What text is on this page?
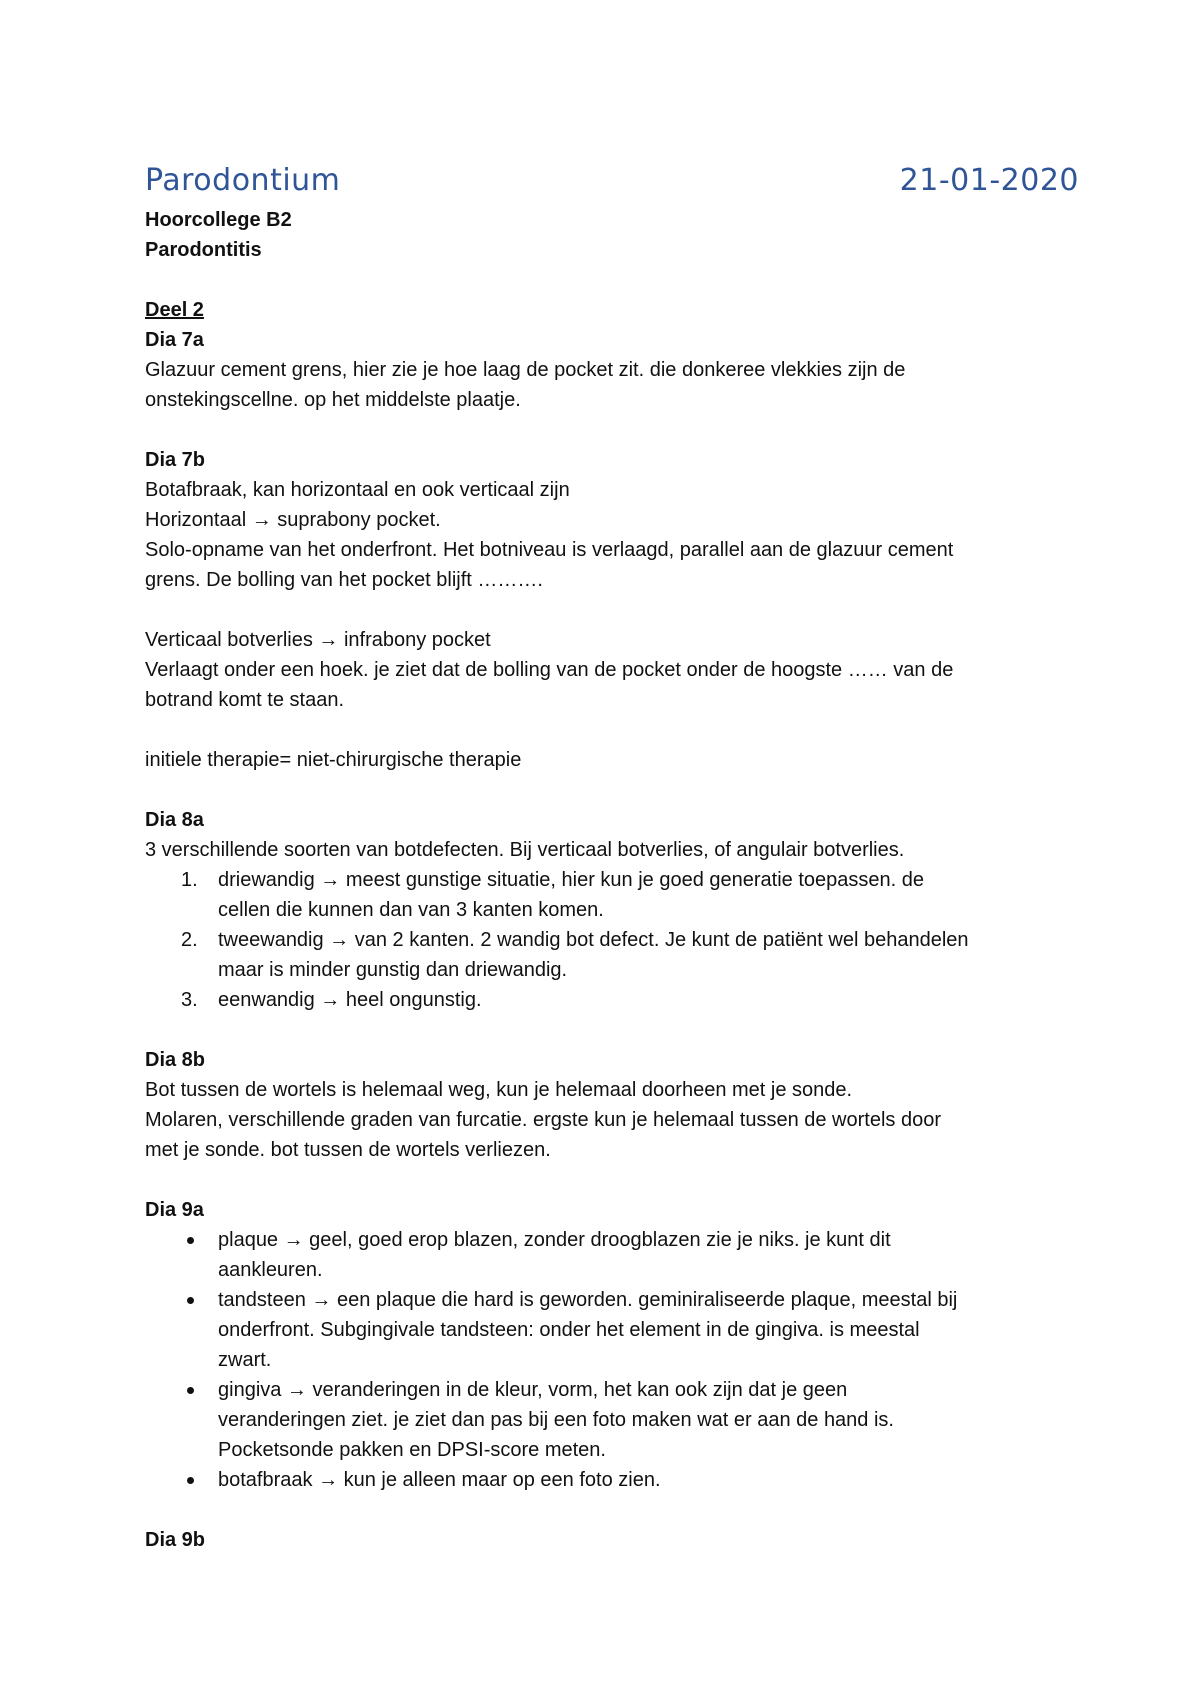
Parodontium	21-01-2020
Hoorcollege B2
Parodontitis
Deel 2
Dia 7a
Glazuur cement grens, hier zie je hoe laag de pocket zit. die donkeree vlekkies zijn de
onstekingscellne. op het middelste plaatje.
Dia 7b
Botafbraak, kan horizontaal en ook verticaal zijn
Horizontaal → suprabony pocket.
Solo-opname van het onderfront. Het botniveau is verlaagd, parallel aan de glazuur cement
grens. De bolling van het pocket blijft ……….
Verticaal botverlies → infrabony pocket
Verlaagt onder een hoek. je ziet dat de bolling van de pocket onder de hoogste …… van de
botrand komt te staan.
initiele therapie= niet-chirurgische therapie
Dia 8a
3 verschillende soorten van botdefecten. Bij verticaal botverlies, of angulair botverlies.
1. driewandig → meest gunstige situatie, hier kun je goed generatie toepassen. de
cellen die kunnen dan van 3 kanten komen.
2. tweewandig → van 2 kanten. 2 wandig bot defect. Je kunt de patiënt wel behandelen
maar is minder gunstig dan driewandig.
3. eenwandig → heel ongunstig.
Dia 8b
Bot tussen de wortels is helemaal weg, kun je helemaal doorheen met je sonde.
Molaren, verschillende graden van furcatie. ergste kun je helemaal tussen de wortels door
met je sonde. bot tussen de wortels verliezen.
Dia 9a
plaque → geel, goed erop blazen, zonder droogblazen zie je niks. je kunt dit
aankleuren.
tandsteen → een plaque die hard is geworden. geminiraliseerde plaque, meestal bij
onderfront. Subgingivale tandsteen: onder het element in de gingiva. is meestal
zwart.
gingiva → veranderingen in de kleur, vorm, het kan ook zijn dat je geen
veranderingen ziet. je ziet dan pas bij een foto maken wat er aan de hand is.
Pocketsonde pakken en DPSI-score meten.
botafbraak → kun je alleen maar op een foto zien.
Dia 9b
